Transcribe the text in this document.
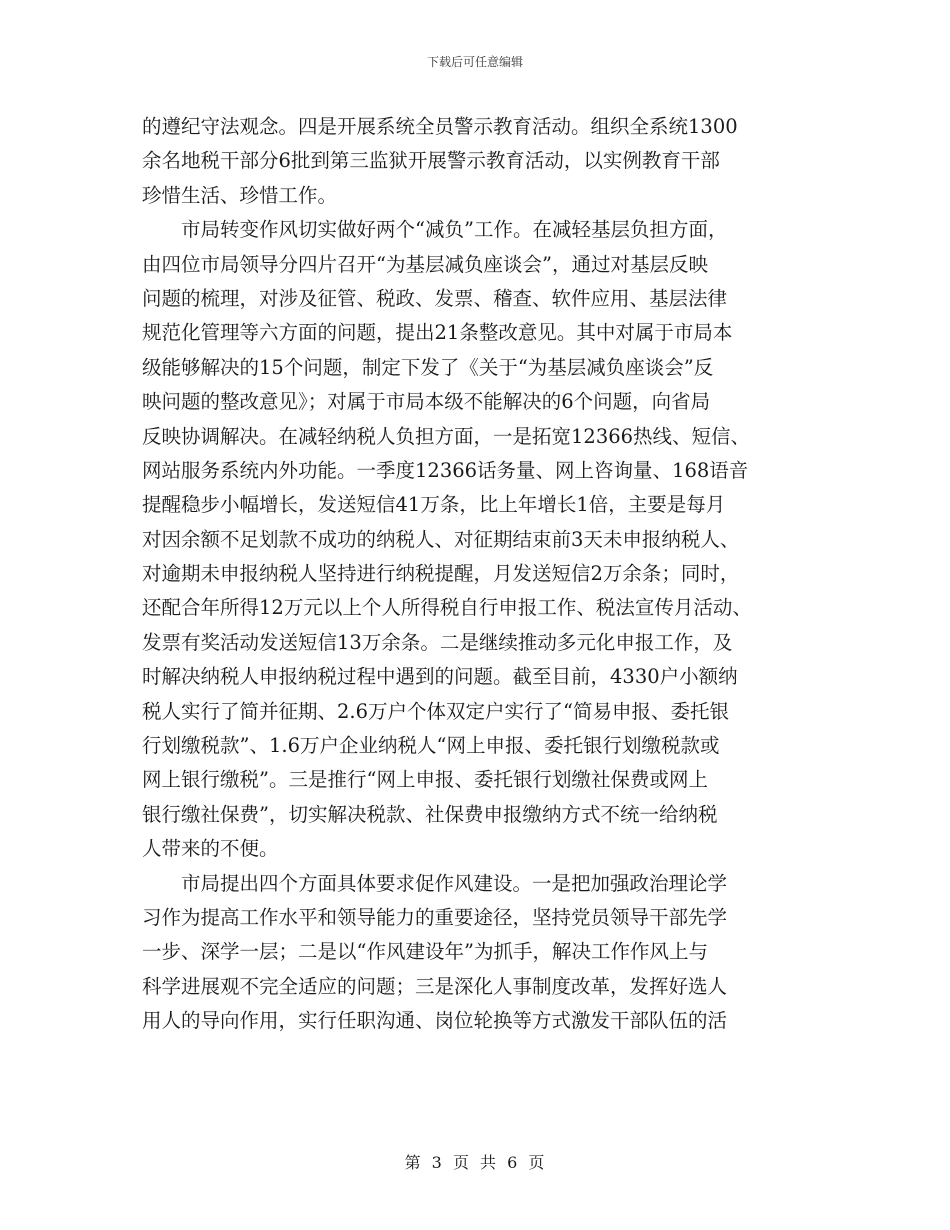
下载后可任意编辑
的遵纪守法观念。四是开展系统全员警示教育活动。组织全系统1300
余名地税干部分6批到第三监狱开展警示教育活动，以实例教育干部
珍惜生活、珍惜工作。
　　市局转变作风切实做好两个“减负”工作。在减轻基层负担方面，
由四位市局领导分四片召开“为基层减负座谈会”，通过对基层反映
问题的梳理，对涉及征管、税政、发票、稽查、软件应用、基层法律
规范化管理等六方面的问题，提出21条整改意见。其中对属于市局本
级能够解决的15个问题，制定下发了《关于“为基层减负座谈会”反
映问题的整改意见》；对属于市局本级不能解决的6个问题，向省局
反映协调解决。在减轻纳税人负担方面，一是拓宽12366热线、短信、
网站服务系统内外功能。一季度12366话务量、网上咨询量、168语音
提醒稳步小幅增长，发送短信41万条，比上年增长1倍，主要是每月
对因余额不足划款不成功的纳税人、对征期结束前3天未申报纳税人、
对逾期未申报纳税人坚持进行纳税提醒，月发送短信2万余条；同时，
还配合年所得12万元以上个人所得税自行申报工作、税法宣传月活动、
发票有奖活动发送短信13万余条。二是继续推动多元化申报工作，及
时解决纳税人申报纳税过程中遇到的问题。截至目前，4330户小额纳
税人实行了简并征期、2.6万户个体双定户实行了“简易申报、委托银
行划缴税款”、1.6万户企业纳税人“网上申报、委托银行划缴税款或
网上银行缴税”。三是推行“网上申报、委托银行划缴社保费或网上
银行缴社保费”，切实解决税款、社保费申报缴纳方式不统一给纳税
人带来的不便。
　　市局提出四个方面具体要求促作风建设。一是把加强政治理论学
习作为提高工作水平和领导能力的重要途径，坚持党员领导干部先学
一步、深学一层；二是以“作风建设年”为抓手，解决工作作风上与
科学进展观不完全适应的问题；三是深化人事制度改革，发挥好选人
用人的导向作用，实行任职沟通、岗位轮换等方式激发干部队伍的活
第 3 页 共 6 页
